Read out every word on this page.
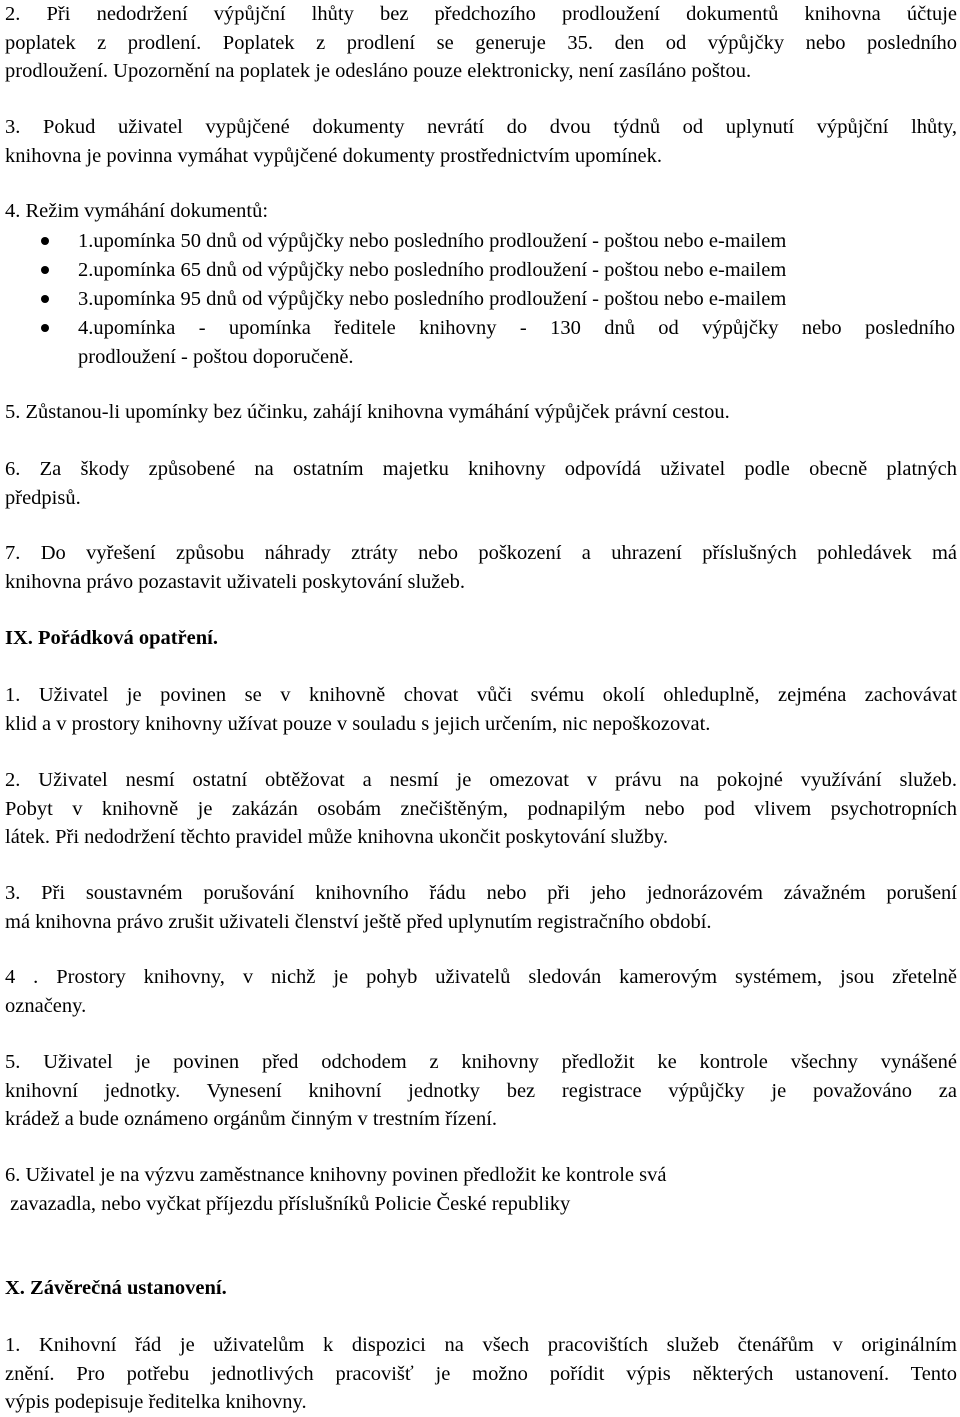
2. Při nedodržení výpůjční lhůty bez předchozího prodloužení dokumentů knihovna účtuje
poplatek z prodlení. Poplatek z prodlení se generuje 35. den od výpůjčky nebo posledního
prodloužení. Upozornění na poplatek je odesláno pouze elektronicky, není zasíláno poštou.
3. Pokud uživatel vypůjčené dokumenty nevrátí do dvou týdnů od uplynutí výpůjční lhůty,
knihovna je povinna vymáhat vypůjčené dokumenty prostřednictvím upomínek.
4. Režim vymáhání dokumentů:
1.upomínka 50 dnů od výpůjčky nebo posledního prodloužení - poštou nebo e-mailem
2.upomínka 65 dnů od výpůjčky nebo posledního prodloužení - poštou nebo e-mailem
3.upomínka 95 dnů od výpůjčky nebo posledního prodloužení - poštou nebo e-mailem
4.upomínka - upomínka ředitele knihovny - 130 dnů od výpůjčky nebo posledního
prodloužení - poštou doporučeně.
5. Zůstanou-li upomínky bez účinku, zahájí knihovna vymáhání výpůjček právní cestou.
6. Za škody způsobené na ostatním majetku knihovny odpovídá uživatel podle obecně platných
předpisů.
7. Do vyřešení způsobu náhrady ztráty nebo poškození a uhrazení příslušných pohledávek má
knihovna právo pozastavit uživateli poskytování služeb.
IX. Pořádková opatření.
1. Uživatel je povinen se v knihovně chovat vůči svému okolí ohleduplně, zejména zachovávat
klid a v prostory knihovny užívat pouze v souladu s jejich určením, nic nepoškozovat.
2. Uživatel nesmí ostatní obtěžovat a nesmí je omezovat v právu na pokojné využívání služeb.
Pobyt v knihovně je zakázán osobám znečištěným, podnapilým nebo pod vlivem psychotropních
látek. Při nedodržení těchto pravidel může knihovna ukončit poskytování služby.
3. Při soustavném porušování knihovního řádu nebo při jeho jednorázovém závažném porušení
má knihovna právo zrušit uživateli členství ještě před uplynutím registračního období.
4 . Prostory knihovny, v nichž je pohyb uživatelů sledován kamerovým systémem, jsou zřetelně
označeny.
5. Uživatel je povinen před odchodem z knihovny předložit ke kontrole všechny vynášené
knihovní jednotky. Vynesení knihovní jednotky bez registrace výpůjčky je považováno za
krádež a bude oznámeno orgánům činným v trestním řízení.
6. Uživatel je na výzvu zaměstnance knihovny povinen předložit ke kontrole svá
zavazadla, nebo vyčkat příjezdu příslušníků Policie České republiky
X. Závěrečná ustanovení.
1. Knihovní řád je uživatelům k dispozici na všech pracovištích služeb čtenářům v originálním
znění. Pro potřebu jednotlivých pracovišť je možno pořídit výpis některých ustanovení. Tento
výpis podepisuje ředitelka knihovny.
